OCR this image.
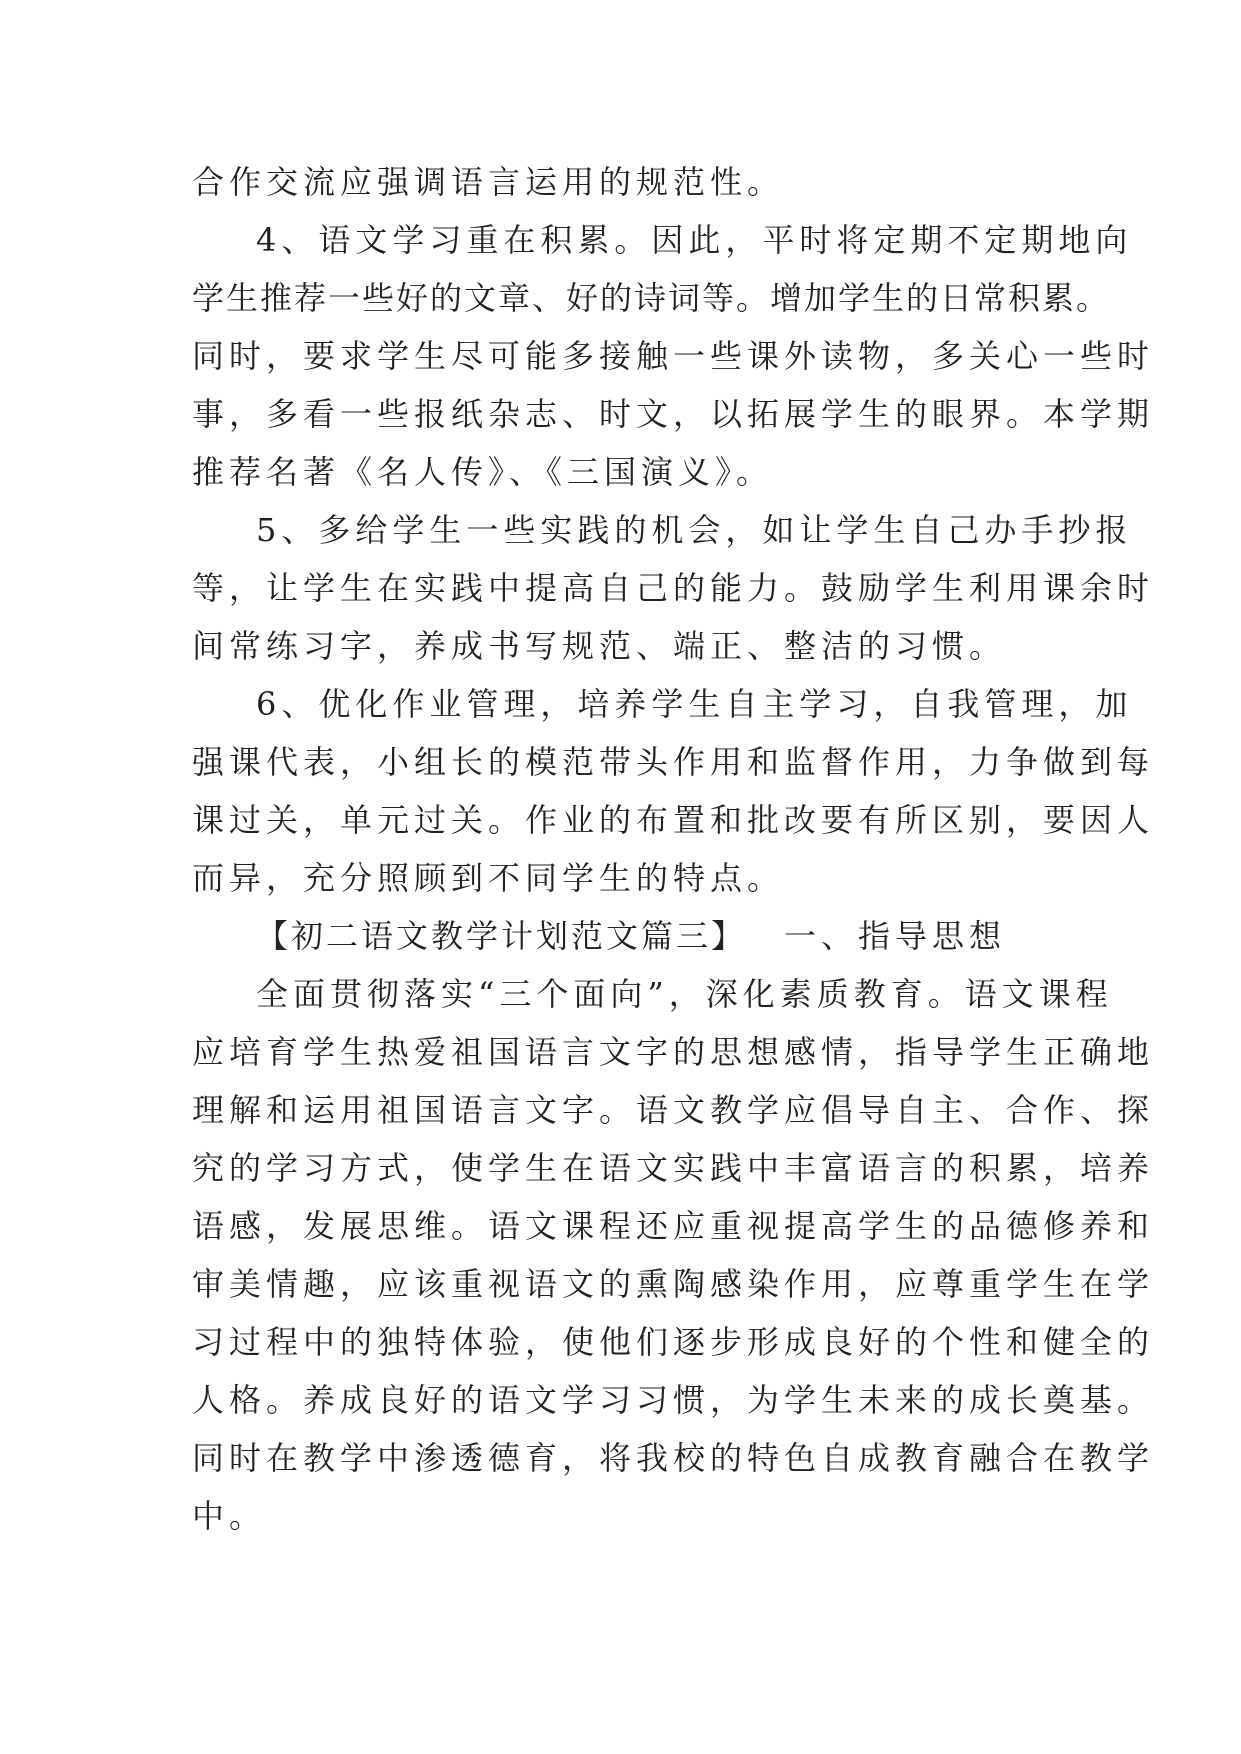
合作交流应强调语言运用的规范性。
4、语文学习重在积累。因此，平时将定期不定期地向
学生推荐一些好的文章、好的诗词等。增加学生的日常积累。
同时，要求学生尽可能多接触一些课外读物，多关心一些时
事，多看一些报纸杂志、时文，以拓展学生的眼界。本学期
推荐名著《名人传》、《三国演义》。
5、多给学生一些实践的机会，如让学生自己办手抄报
等，让学生在实践中提高自己的能力。鼓励学生利用课余时
间常练习字，养成书写规范、端正、整洁的习惯。
6、优化作业管理，培养学生自主学习，自我管理，加
强课代表，小组长的模范带头作用和监督作用，力争做到每
课过关，单元过关。作业的布置和批改要有所区别，要因人
而异，充分照顾到不同学生的特点。
【初二语文教学计划范文篇三】 一、指导思想
全面贯彻落实“三个面向”，深化素质教育。语文课程
应培育学生热爱祖国语言文字的思想感情，指导学生正确地
理解和运用祖国语言文字。语文教学应倡导自主、合作、探
究的学习方式，使学生在语文实践中丰富语言的积累，培养
语感，发展思维。语文课程还应重视提高学生的品德修养和
审美情趣，应该重视语文的熏陶感染作用，应尊重学生在学
习过程中的独特体验，使他们逐步形成良好的个性和健全的
人格。养成良好的语文学习习惯，为学生未来的成长奠基。
同时在教学中渗透德育，将我校的特色自成教育融合在教学
中。
